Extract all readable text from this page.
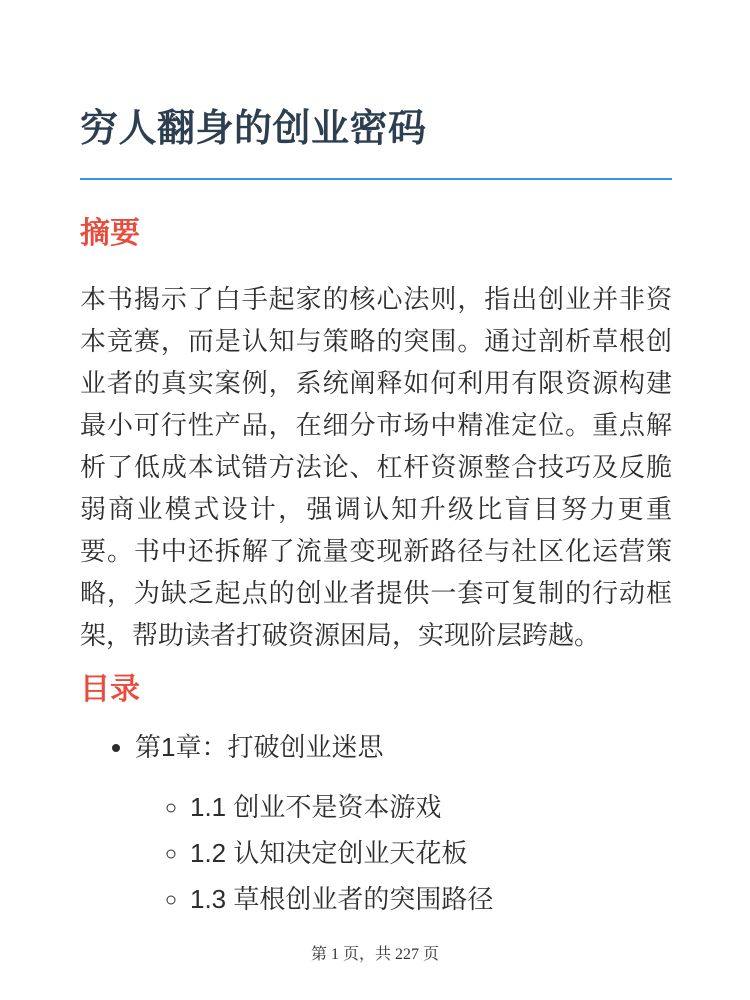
穷人翻身的创业密码
摘要

本书揭示了白手起家的核心法则，指出创业并非资本竞赛，而是认知与策略的突围。通过剖析草根创业者的真实案例，系统阐释如何利用有限资源构建最小可行性产品，在细分市场中精准定位。重点解析了低成本试错方法论、杠杆资源整合技巧及反脆弱商业模式设计，强调认知升级比盲目努力更重要。书中还拆解了流量变现新路径与社区化运营策略，为缺乏起点的创业者提供一套可复制的行动框架，帮助读者打破资源困局，实现阶层跨越。

目录
• 第1章：打破创业迷思
◦ 1.1 创业不是资本游戏
◦ 1.2 认知决定创业天花板
◦ 1.3 草根创业者的突围路径
第 1 页，共 227 页
